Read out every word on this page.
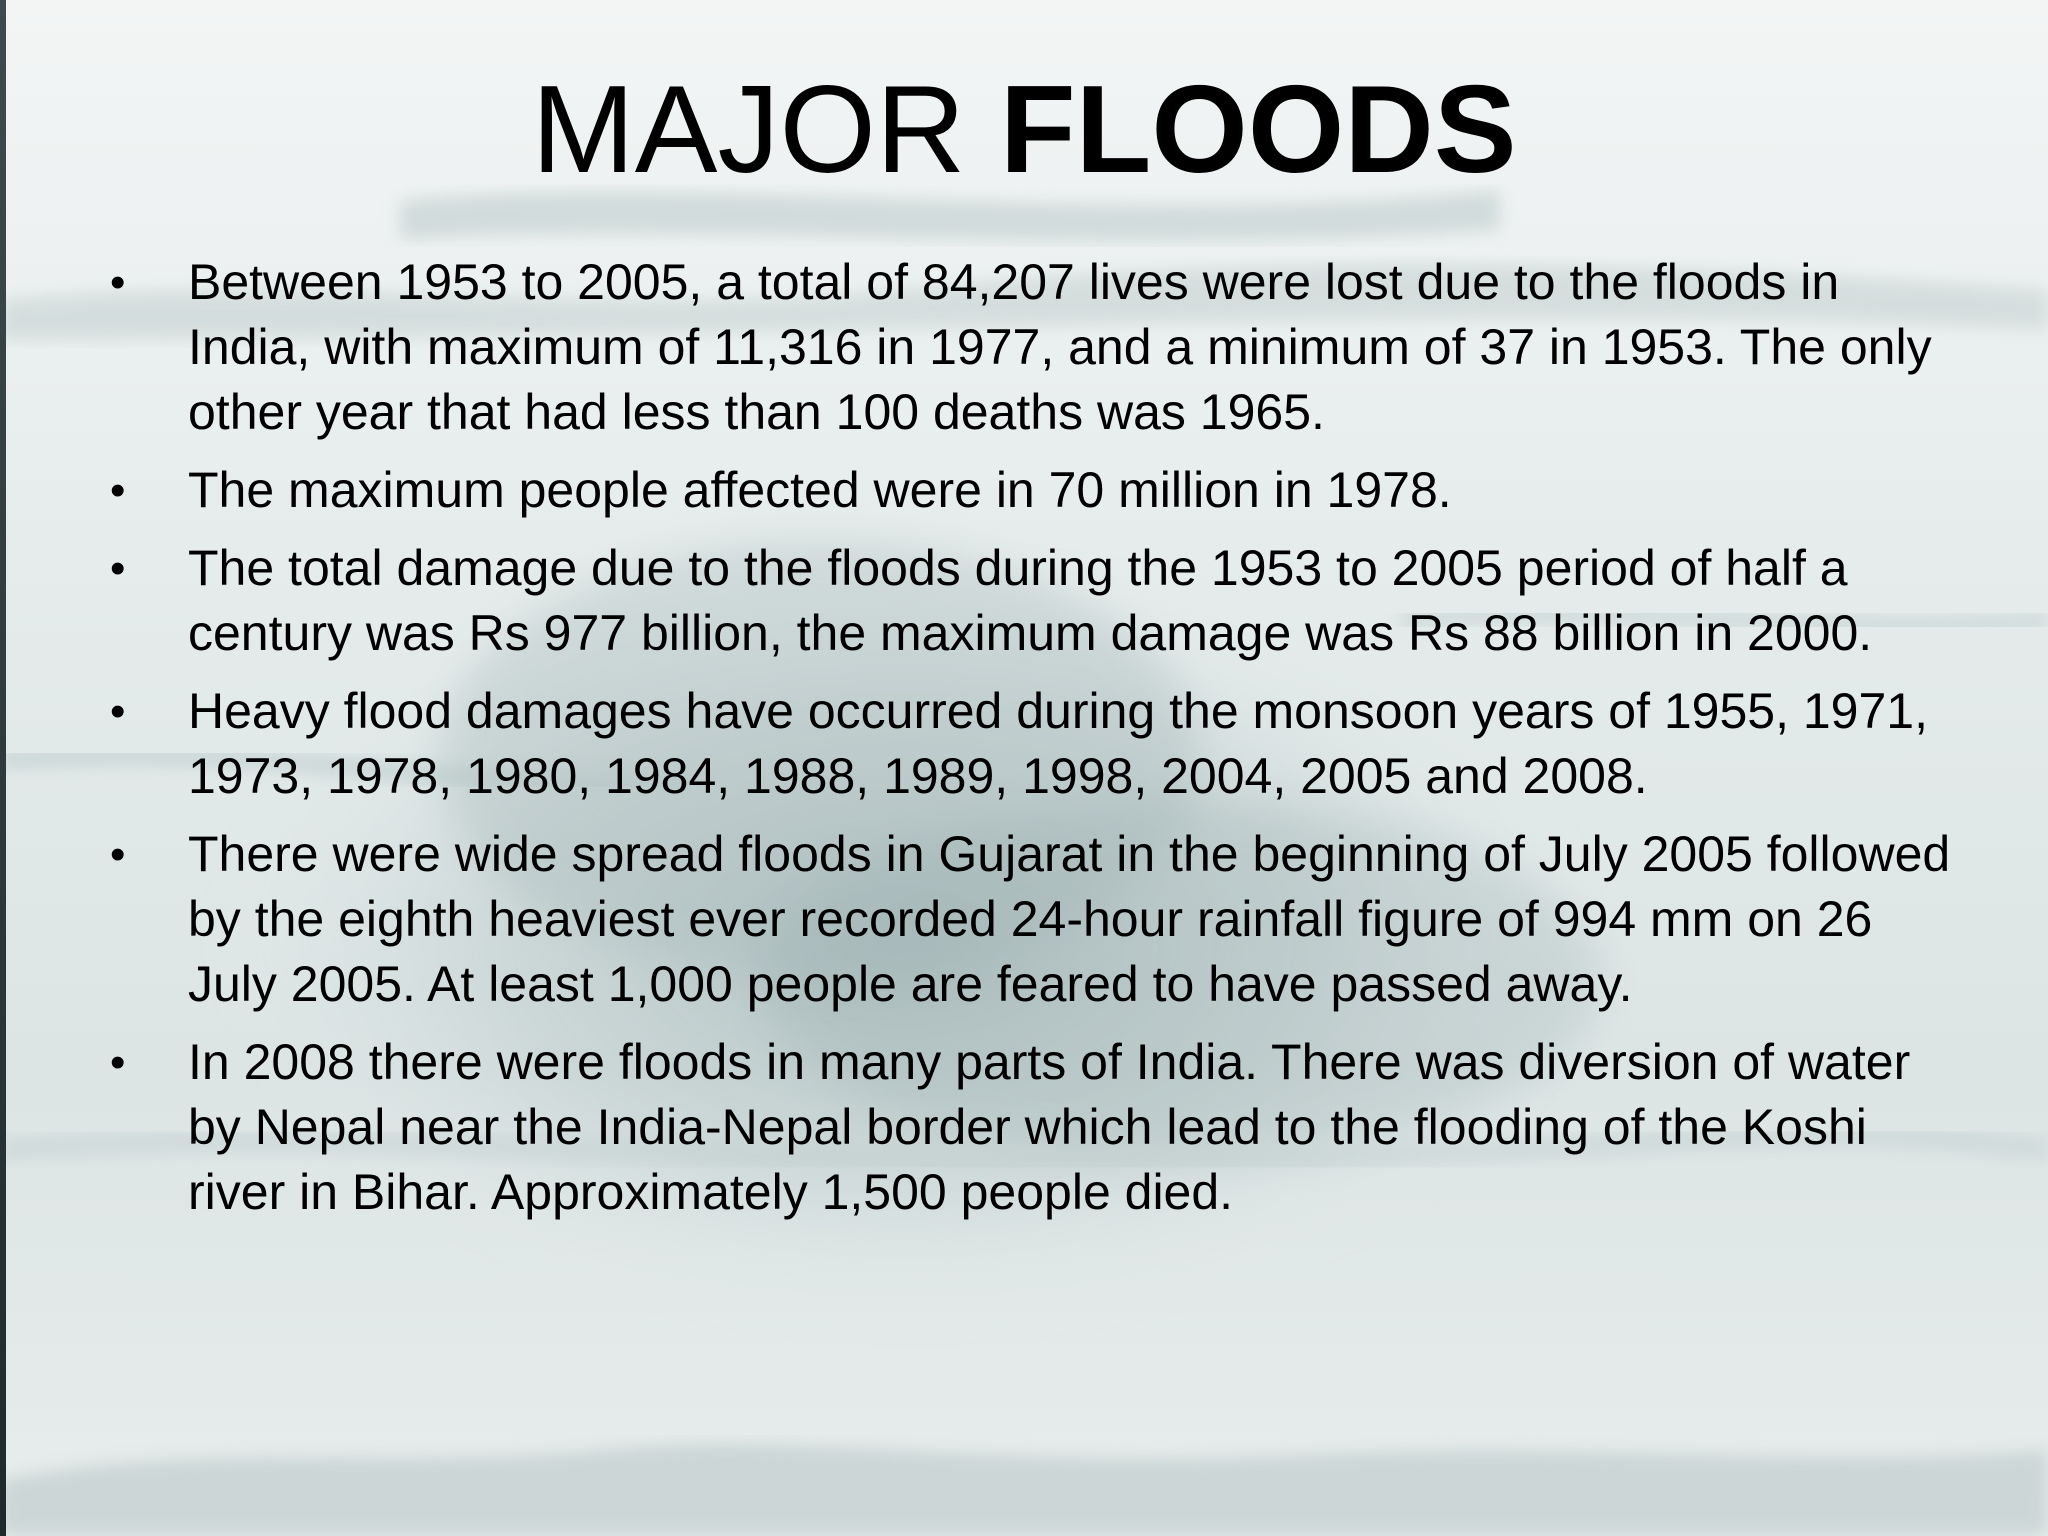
MAJOR FLOODS
•	Between 1953 to 2005, a total of 84,207 lives were lost due to the floods in India, with maximum of 11,316 in 1977, and a minimum of 37 in 1953. The only other year that had less than 100 deaths was 1965.
•	The maximum people affected were in 70 million in 1978.
•	The total damage due to the floods during the 1953 to 2005 period of half a century was Rs 977 billion, the maximum damage was Rs 88 billion in 2000.
•	Heavy flood damages have occurred during the monsoon years of 1955, 1971, 1973, 1978, 1980, 1984, 1988, 1989, 1998, 2004, 2005 and 2008.
•	There were wide spread floods in Gujarat in the beginning of July 2005 followed by the eighth heaviest ever recorded 24-hour rainfall figure of 994 mm on 26 July 2005. At least 1,000 people are feared to have passed away.
•	In 2008 there were floods in many parts of India. There was diversion of water by Nepal near the India-Nepal border which lead to the flooding of the Koshi river in Bihar. Approximately 1,500 people died.
